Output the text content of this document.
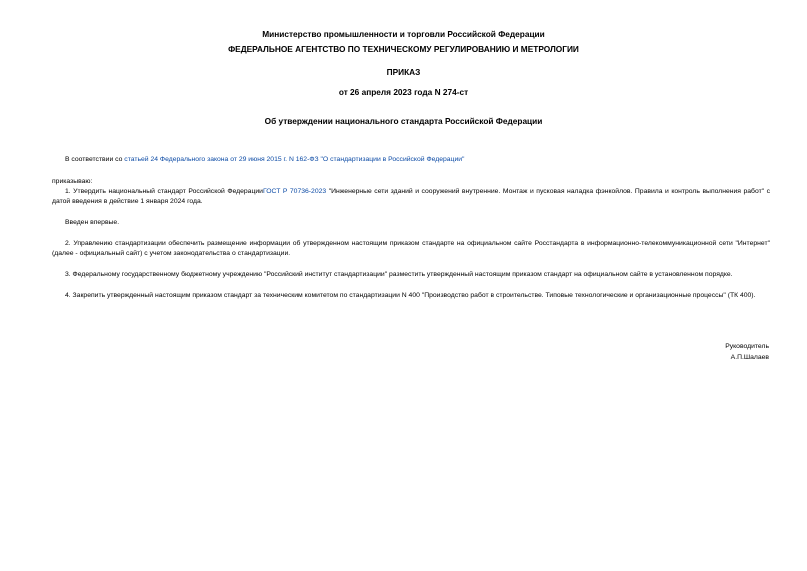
Министерство промышленности и торговли Российской Федерации
ФЕДЕРАЛЬНОЕ АГЕНТСТВО ПО ТЕХНИЧЕСКОМУ РЕГУЛИРОВАНИЮ И МЕТРОЛОГИИ
ПРИКАЗ
от 26 апреля 2023 года N 274-ст
Об утверждении национального стандарта Российской Федерации
В соответствии со статьей 24 Федерального закона от 29 июня 2015 г. N 162-ФЗ "О стандартизации в Российской Федерации"
приказываю:
1. Утвердить национальный стандарт Российской ФедерацииГОСТ Р 70736-2023 "Инженерные сети зданий и сооружений внутренние. Монтаж и пусковая наладка фэнкойлов. Правила и контроль выполнения работ" с датой введения в действие 1 января 2024 года.
Введен впервые.
2. Управлению стандартизации обеспечить размещение информации об утвержденном настоящим приказом стандарте на официальном сайте Росстандарта в информационно-телекоммуникационной сети "Интернет" (далее - официальный сайт) с учетом законодательства о стандартизации.
3. Федеральному государственному бюджетному учреждению "Российский институт стандартизации" разместить утвержденный настоящим приказом стандарт на официальном сайте в установленном порядке.
4. Закрепить утвержденный настоящим приказом стандарт за техническим комитетом по стандартизации N 400 "Производство работ в строительстве. Типовые технологические и организационные процессы" (ТК 400).
Руководитель
А.П.Шалаев
